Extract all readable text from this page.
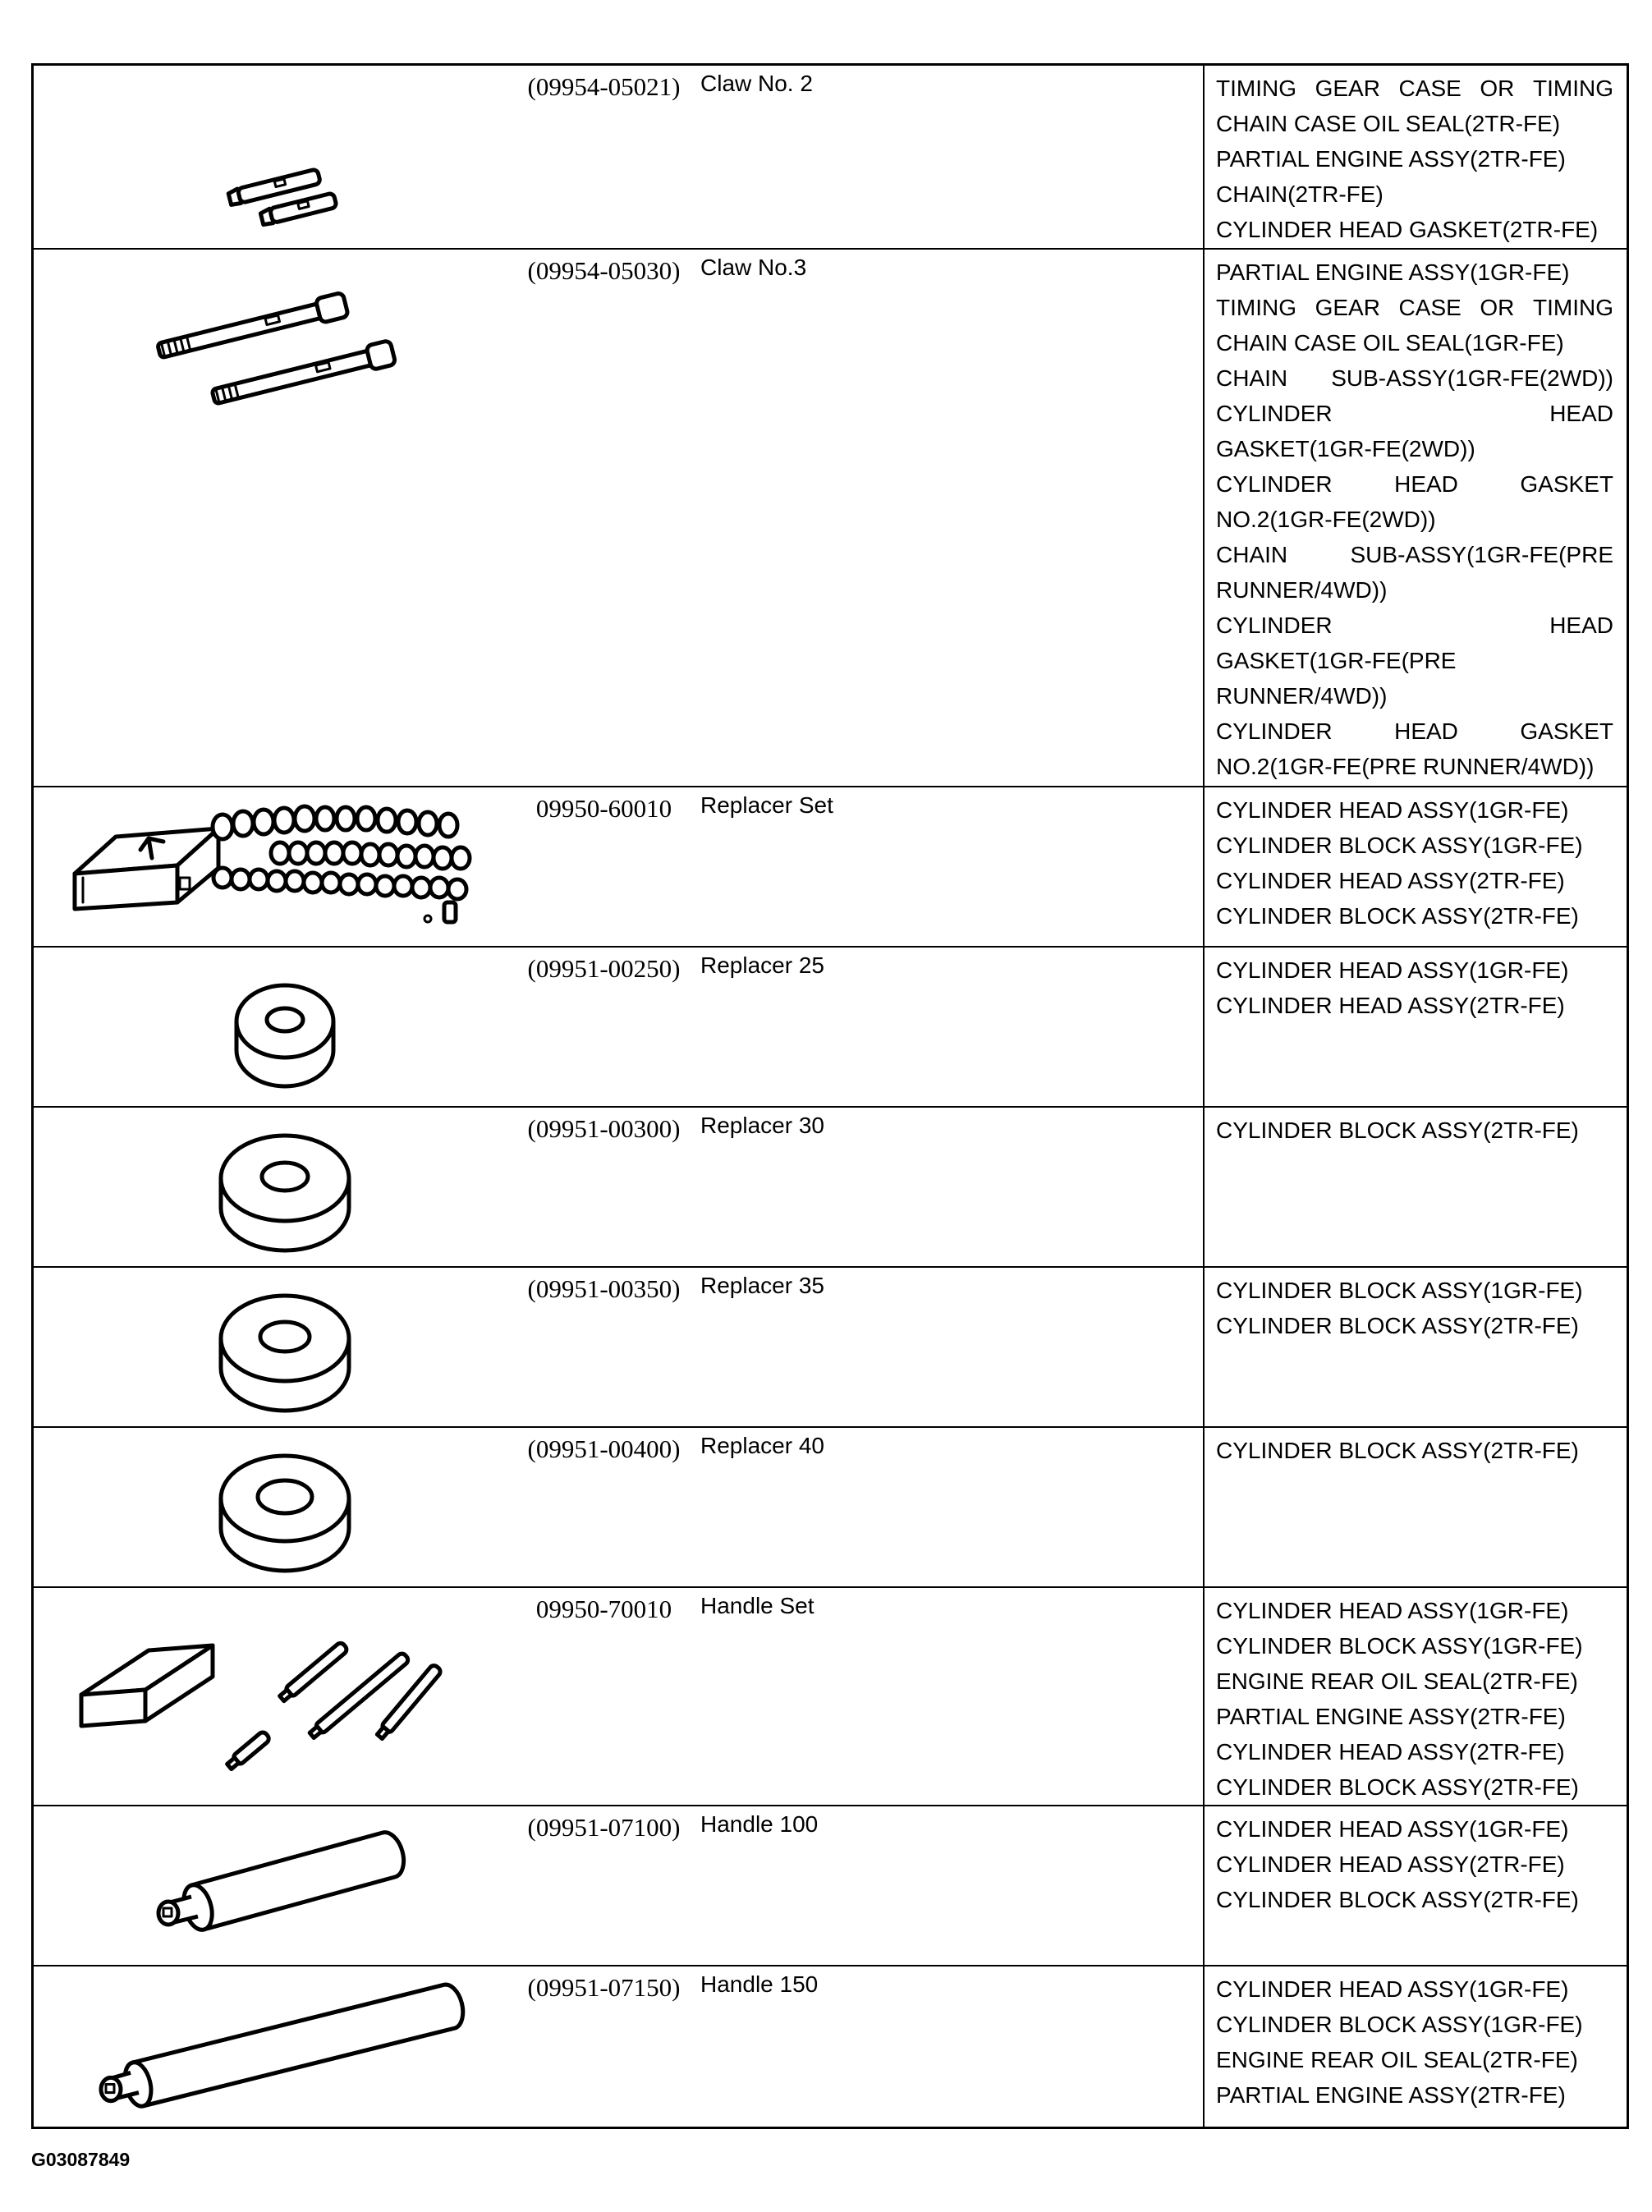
(09954-05021) Claw No. 2	TIMING GEAR CASE OR TIMING
CHAIN CASE OIL SEAL(2TR-FE)
PARTIAL ENGINE ASSY(2TR-FE)
CHAIN(2TR-FE)
CYLINDER HEAD GASKET(2TR-FE)
(09954-05030) Claw No.3	PARTIAL ENGINE ASSY(1GR-FE)
TIMING GEAR CASE OR TIMING
CHAIN CASE OIL SEAL(1GR-FE)
CHAIN SUB-ASSY(1GR-FE(2WD))
CYLINDER	HEAD
GASKET(1GR-FE(2WD))
CYLINDER	HEAD	GASKET
NO.2(1GR-FE(2WD))
CHAIN	SUB-ASSY(1GR-FE(PRE
RUNNER/4WD))
CYLINDER	HEAD
GASKET(1GR-FE(PRE
RUNNER/4WD))
CYLINDER	HEAD	GASKET
NO.2(1GR-FE(PRE RUNNER/4WD))
09950-60010	Replacer Set	CYLINDER HEAD ASSY(1GR-FE)
CYLINDER BLOCK ASSY(1GR-FE)
CYLINDER HEAD ASSY(2TR-FE)
CYLINDER BLOCK ASSY(2TR-FE)
(09951-00250) Replacer 25	CYLINDER HEAD ASSY(1GR-FE)
CYLINDER HEAD ASSY(2TR-FE)
(09951-00300) Replacer 30	CYLINDER BLOCK ASSY(2TR-FE)
(09951-00350) Replacer 35	CYLINDER BLOCK ASSY(1GR-FE)
CYLINDER BLOCK ASSY(2TR-FE)
(09951-00400) Replacer 40	CYLINDER BLOCK ASSY(2TR-FE)
09950-70010	Handle Set	CYLINDER HEAD ASSY(1GR-FE)
CYLINDER BLOCK ASSY(1GR-FE)
ENGINE REAR OIL SEAL(2TR-FE)
PARTIAL ENGINE ASSY(2TR-FE)
CYLINDER HEAD ASSY(2TR-FE)
CYLINDER BLOCK ASSY(2TR-FE)
(09951-07100) Handle 100	CYLINDER HEAD ASSY(1GR-FE)
CYLINDER HEAD ASSY(2TR-FE)
CYLINDER BLOCK ASSY(2TR-FE)
(09951-07150) Handle 150	CYLINDER HEAD ASSY(1GR-FE)
CYLINDER BLOCK ASSY(1GR-FE)
ENGINE REAR OIL SEAL(2TR-FE)
PARTIAL ENGINE ASSY(2TR-FE)
G03087849
